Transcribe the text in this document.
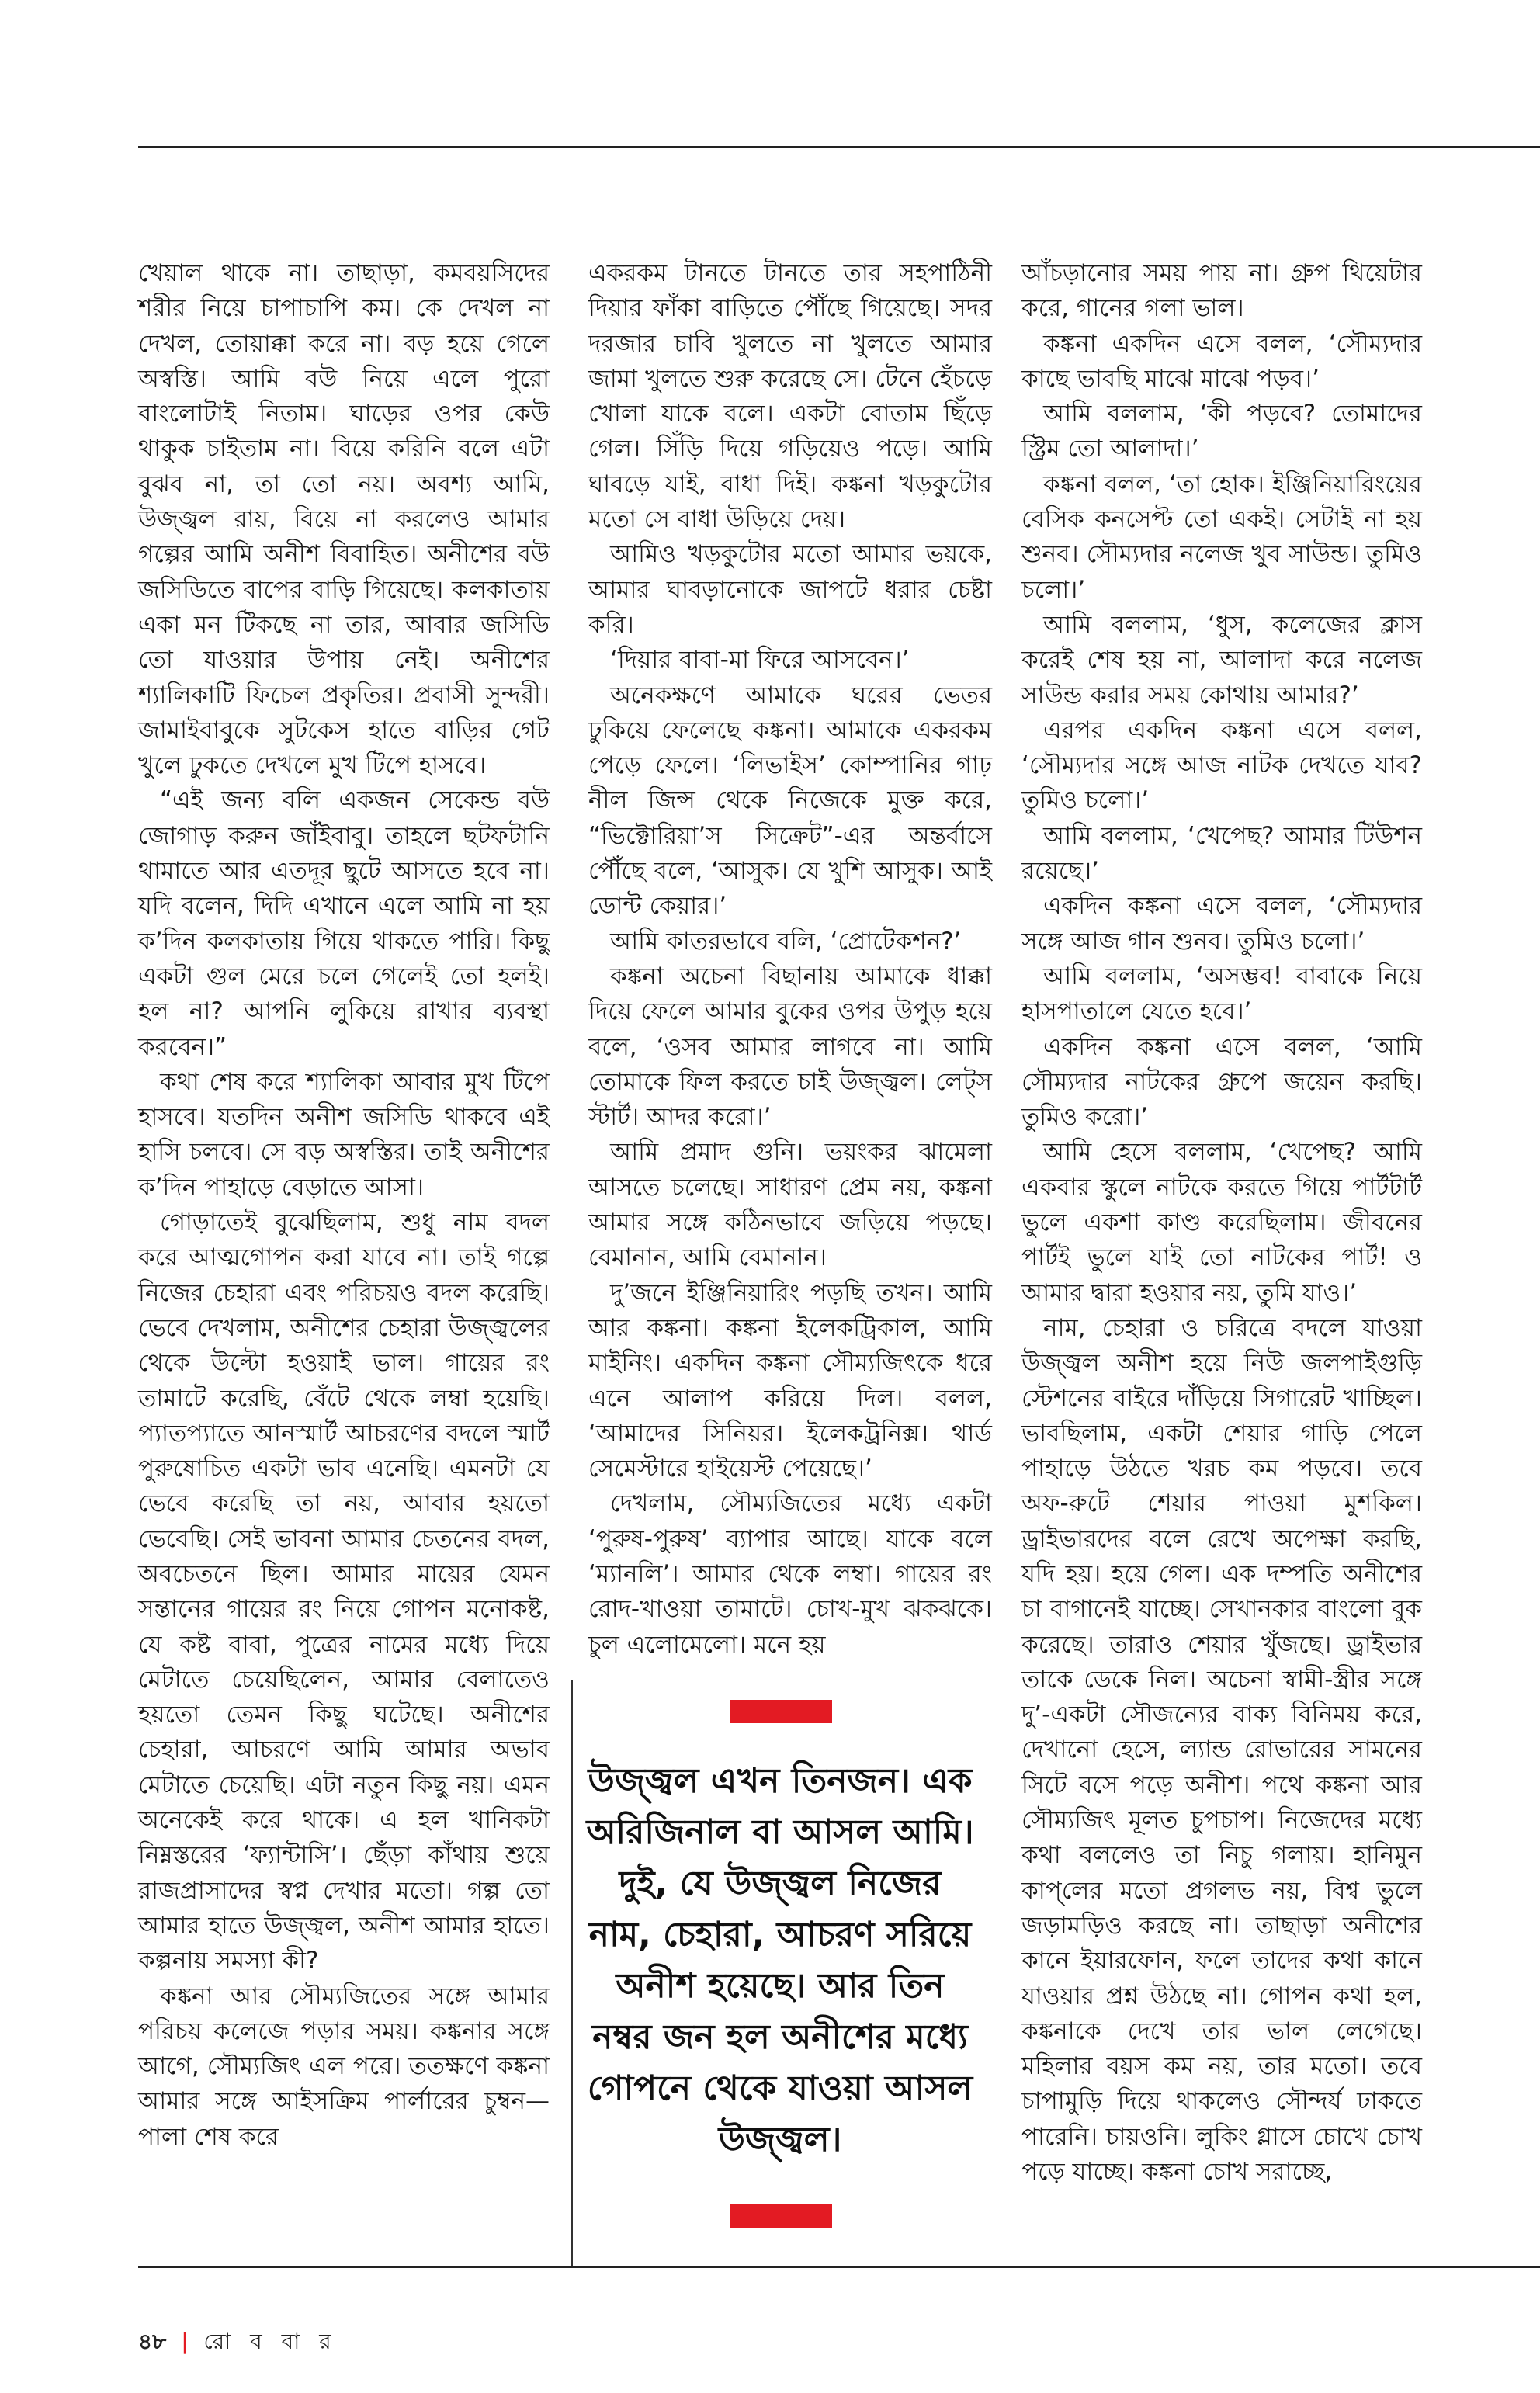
খেয়াল থাকে না। তাছাড়া, কমবয়সিদের শরীর নিয়ে চাপাচাপি কম। কে দেখল না দেখল, তোয়াক্কা করে না। বড় হয়ে গেলে অস্বস্তি। আমি বউ নিয়ে এলে পুরো বাংলোটাই নিতাম। ঘাড়ের ওপর কেউ থাকুক চাইতাম না। বিয়ে করিনি বলে এটা বুঝব না, তা তো নয়। অবশ্য আমি, উজ্জ্বল রায়, বিয়ে না করলেও আমার গল্পের আমি অনীশ বিবাহিত। অনীশের বউ জসিডিতে বাপের বাড়ি গিয়েছে। কলকাতায় একা মন টিকছে না তার, আবার জসিডি তো যাওয়ার উপায় নেই। অনীশের শ্যালিকাটি ফিচেল প্রকৃতির। প্রবাসী সুন্দরী। জামাইবাবুকে সুটকেস হাতে বাড়ির গেট খুলে ঢুকতে দেখলে মুখ টিপে হাসবে।

“এই জন্য বলি একজন সেকেন্ড বউ জোগাড় করুন জাঁইবাবু। তাহলে ছটফটানি থামাতে আর এতদূর ছুটে আসতে হবে না। যদি বলেন, দিদি এখানে এলে আমি না হয় ক’দিন কলকাতায় গিয়ে থাকতে পারি। কিছু একটা গুল মেরে চলে গেলেই তো হলই। হল না? আপনি লুকিয়ে রাখার ব্যবস্থা করবেন।”

কথা শেষ করে শ্যালিকা আবার মুখ টিপে হাসবে। যতদিন অনীশ জসিডি থাকবে এই হাসি চলবে। সে বড় অস্বস্তির। তাই অনীশের ক’দিন পাহাড়ে বেড়াতে আসা।

গোড়াতেই বুঝেছিলাম, শুধু নাম বদল করে আত্মগোপন করা যাবে না। তাই গল্পে নিজের চেহারা এবং পরিচয়ও বদল করেছি। ভেবে দেখলাম, অনীশের চেহারা উজ্জ্বলের থেকে উল্টো হওয়াই ভাল। গায়ের রং তামাটে করেছি, বেঁটে থেকে লম্বা হয়েছি। প্যাতপ্যাতে আনস্মার্ট আচরণের বদলে স্মার্ট পুরুষোচিত একটা ভাব এনেছি। এমনটা যে ভেবে করেছি তা নয়, আবার হয়তো ভেবেছি। সেই ভাবনা আমার চেতনের বদল, অবচেতনে ছিল। আমার মায়ের যেমন সন্তানের গায়ের রং নিয়ে গোপন মনোকষ্ট, যে কষ্ট বাবা, পুত্রের নামের মধ্যে দিয়ে মেটাতে চেয়েছিলেন, আমার বেলাতেও হয়তো তেমন কিছু ঘটেছে। অনীশের চেহারা, আচরণে আমি আমার অভাব মেটাতে চেয়েছি। এটা নতুন কিছু নয়। এমন অনেকেই করে থাকে। এ হল খানিকটা নিম্নস্তরের ‘ফ্যান্টাসি’। ছেঁড়া কাঁথায় শুয়ে রাজপ্রাসাদের স্বপ্ন দেখার মতো। গল্প তো আমার হাতে উজ্জ্বল, অনীশ আমার হাতে। কল্পনায় সমস্যা কী?

কঙ্কনা আর সৌম্যজিতের সঙ্গে আমার পরিচয় কলেজে পড়ার সময়। কঙ্কনার সঙ্গে আগে, সৌম্যজিৎ এল পরে। ততক্ষণে কঙ্কনা আমার সঙ্গে আইসক্রিম পার্লারের চুম্বন— পালা শেষ করে

একরকম টানতে টানতে তার সহপাঠিনী দিয়ার ফাঁকা বাড়িতে পৌঁছে গিয়েছে। সদর দরজার চাবি খুলতে না খুলতে আমার জামা খুলতে শুরু করেছে সে। টেনে হেঁচড়ে খোলা যাকে বলে। একটা বোতাম ছিঁড়ে গেল। সিঁড়ি দিয়ে গড়িয়েও পড়ে। আমি ঘাবড়ে যাই, বাধা দিই। কঙ্কনা খড়কুটোর মতো সে বাধা উড়িয়ে দেয়।

আমিও খড়কুটোর মতো আমার ভয়কে, আমার ঘাবড়ানোকে জাপটে ধরার চেষ্টা করি।

‘দিয়ার বাবা-মা ফিরে আসবেন।’

অনেকক্ষণে আমাকে ঘরের ভেতর ঢুকিয়ে ফেলেছে কঙ্কনা। আমাকে একরকম পেড়ে ফেলে। ‘লিভাইস’ কোম্পানির গাঢ় নীল জিন্স থেকে নিজেকে মুক্ত করে, “ভিক্টোরিয়া’স সিক্রেট”-এর অন্তর্বাসে পৌঁছে বলে, ‘আসুক। যে খুশি আসুক। আই ডোন্ট কেয়ার।’

আমি কাতরভাবে বলি, ‘প্রোটেকশন?’

কঙ্কনা অচেনা বিছানায় আমাকে ধাক্কা দিয়ে ফেলে আমার বুকের ওপর উপুড় হয়ে বলে, ‘ওসব আমার লাগবে না। আমি তোমাকে ফিল করতে চাই উজ্জ্বল। লেট্‌স স্টার্ট। আদর করো।’

আমি প্রমাদ গুনি। ভয়ংকর ঝামেলা আসতে চলেছে। সাধারণ প্রেম নয়, কঙ্কনা আমার সঙ্গে কঠিনভাবে জড়িয়ে পড়ছে। বেমানান, আমি বেমানান।

দু’জনে ইঞ্জিনিয়ারিং পড়ছি তখন। আমি আর কঙ্কনা। কঙ্কনা ইলেকট্রিকাল, আমি মাইনিং। একদিন কঙ্কনা সৌম্যজিৎকে ধরে এনে আলাপ করিয়ে দিল। বলল, ‘আমাদের সিনিয়র। ইলেকট্রনিক্স। থার্ড সেমেস্টারে হাইয়েস্ট পেয়েছে।’

দেখলাম, সৌম্যজিতের মধ্যে একটা ‘পুরুষ-পুরুষ’ ব্যাপার আছে। যাকে বলে ‘ম্যানলি’। আমার থেকে লম্বা। গায়ের রং রোদ-খাওয়া তামাটে। চোখ-মুখ ঝকঝকে। চুল এলোমেলো। মনে হয়

উজ্জ্বল এখন তিনজন। এক অরিজিনাল বা আসল আমি। দুই, যে উজ্জ্বল নিজের নাম, চেহারা, আচরণ সরিয়ে অনীশ হয়েছে। আর তিন নম্বর জন হল অনীশের মধ্যে গোপনে থেকে যাওয়া আসল উজ্জ্বল।

আঁচড়ানোর সময় পায় না। গ্রুপ থিয়েটার করে, গানের গলা ভাল।

কঙ্কনা একদিন এসে বলল, ‘সৌম্যদার কাছে ভাবছি মাঝে মাঝে পড়ব।’

আমি বললাম, ‘কী পড়বে? তোমাদের স্ট্রিম তো আলাদা।’

কঙ্কনা বলল, ‘তা হোক। ইঞ্জিনিয়ারিংয়ের বেসিক কনসেপ্ট তো একই। সেটাই না হয় শুনব। সৌম্যদার নলেজ খুব সাউন্ড। তুমিও চলো।’

আমি বললাম, ‘ধুস, কলেজের ক্লাস করেই শেষ হয় না, আলাদা করে নলেজ সাউন্ড করার সময় কোথায় আমার?’

এরপর একদিন কঙ্কনা এসে বলল, ‘সৌম্যদার সঙ্গে আজ নাটক দেখতে যাব? তুমিও চলো।’

আমি বললাম, ‘খেপেছ? আমার টিউশন রয়েছে।’

একদিন কঙ্কনা এসে বলল, ‘সৌম্যদার সঙ্গে আজ গান শুনব। তুমিও চলো।’

আমি বললাম, ‘অসম্ভব! বাবাকে নিয়ে হাসপাতালে যেতে হবে।’

একদিন কঙ্কনা এসে বলল, ‘আমি সৌম্যদার নাটকের গ্রুপে জয়েন করছি। তুমিও করো।’

আমি হেসে বললাম, ‘খেপেছ? আমি একবার স্কুলে নাটকে করতে গিয়ে পার্টটার্ট ভুলে একশা কাণ্ড করেছিলাম। জীবনের পার্টই ভুলে যাই তো নাটকের পার্ট! ও আমার দ্বারা হওয়ার নয়, তুমি যাও।’

নাম, চেহারা ও চরিত্রে বদলে যাওয়া উজ্জ্বল অনীশ হয়ে নিউ জলপাইগুড়ি স্টেশনের বাইরে দাঁড়িয়ে সিগারেট খাচ্ছিল। ভাবছিলাম, একটা শেয়ার গাড়ি পেলে পাহাড়ে উঠতে খরচ কম পড়বে। তবে অফ-রুটে শেয়ার পাওয়া মুশকিল। ড্রাইভারদের বলে রেখে অপেক্ষা করছি, যদি হয়। হয়ে গেল। এক দম্পতি অনীশের চা বাগানেই যাচ্ছে। সেখানকার বাংলো বুক করেছে। তারাও শেয়ার খুঁজছে। ড্রাইভার তাকে ডেকে নিল। অচেনা স্বামী-স্ত্রীর সঙ্গে দু’-একটা সৌজন্যের বাক্য বিনিময় করে, দেখানো হেসে, ল্যান্ড রোভারের সামনের সিটে বসে পড়ে অনীশ। পথে কঙ্কনা আর সৌম্যজিৎ মূলত চুপচাপ। নিজেদের মধ্যে কথা বললেও তা নিচু গলায়। হানিমুন কাপ্‌লের মতো প্রগলভ নয়, বিশ্ব ভুলে জড়ামড়িও করছে না। তাছাড়া অনীশের কানে ইয়ারফোন, ফলে তাদের কথা কানে যাওয়ার প্রশ্ন উঠছে না। গোপন কথা হল, কঙ্কনাকে দেখে তার ভাল লেগেছে। মহিলার বয়স কম নয়, তার মতো। তবে চাপামুড়ি দিয়ে থাকলেও সৌন্দর্য ঢাকতে পারেনি। চায়ওনি। লুকিং গ্লাসে চোখে চোখ পড়ে যাচ্ছে। কঙ্কনা চোখ সরাচ্ছে,

৪৮ | রো ব বা র
